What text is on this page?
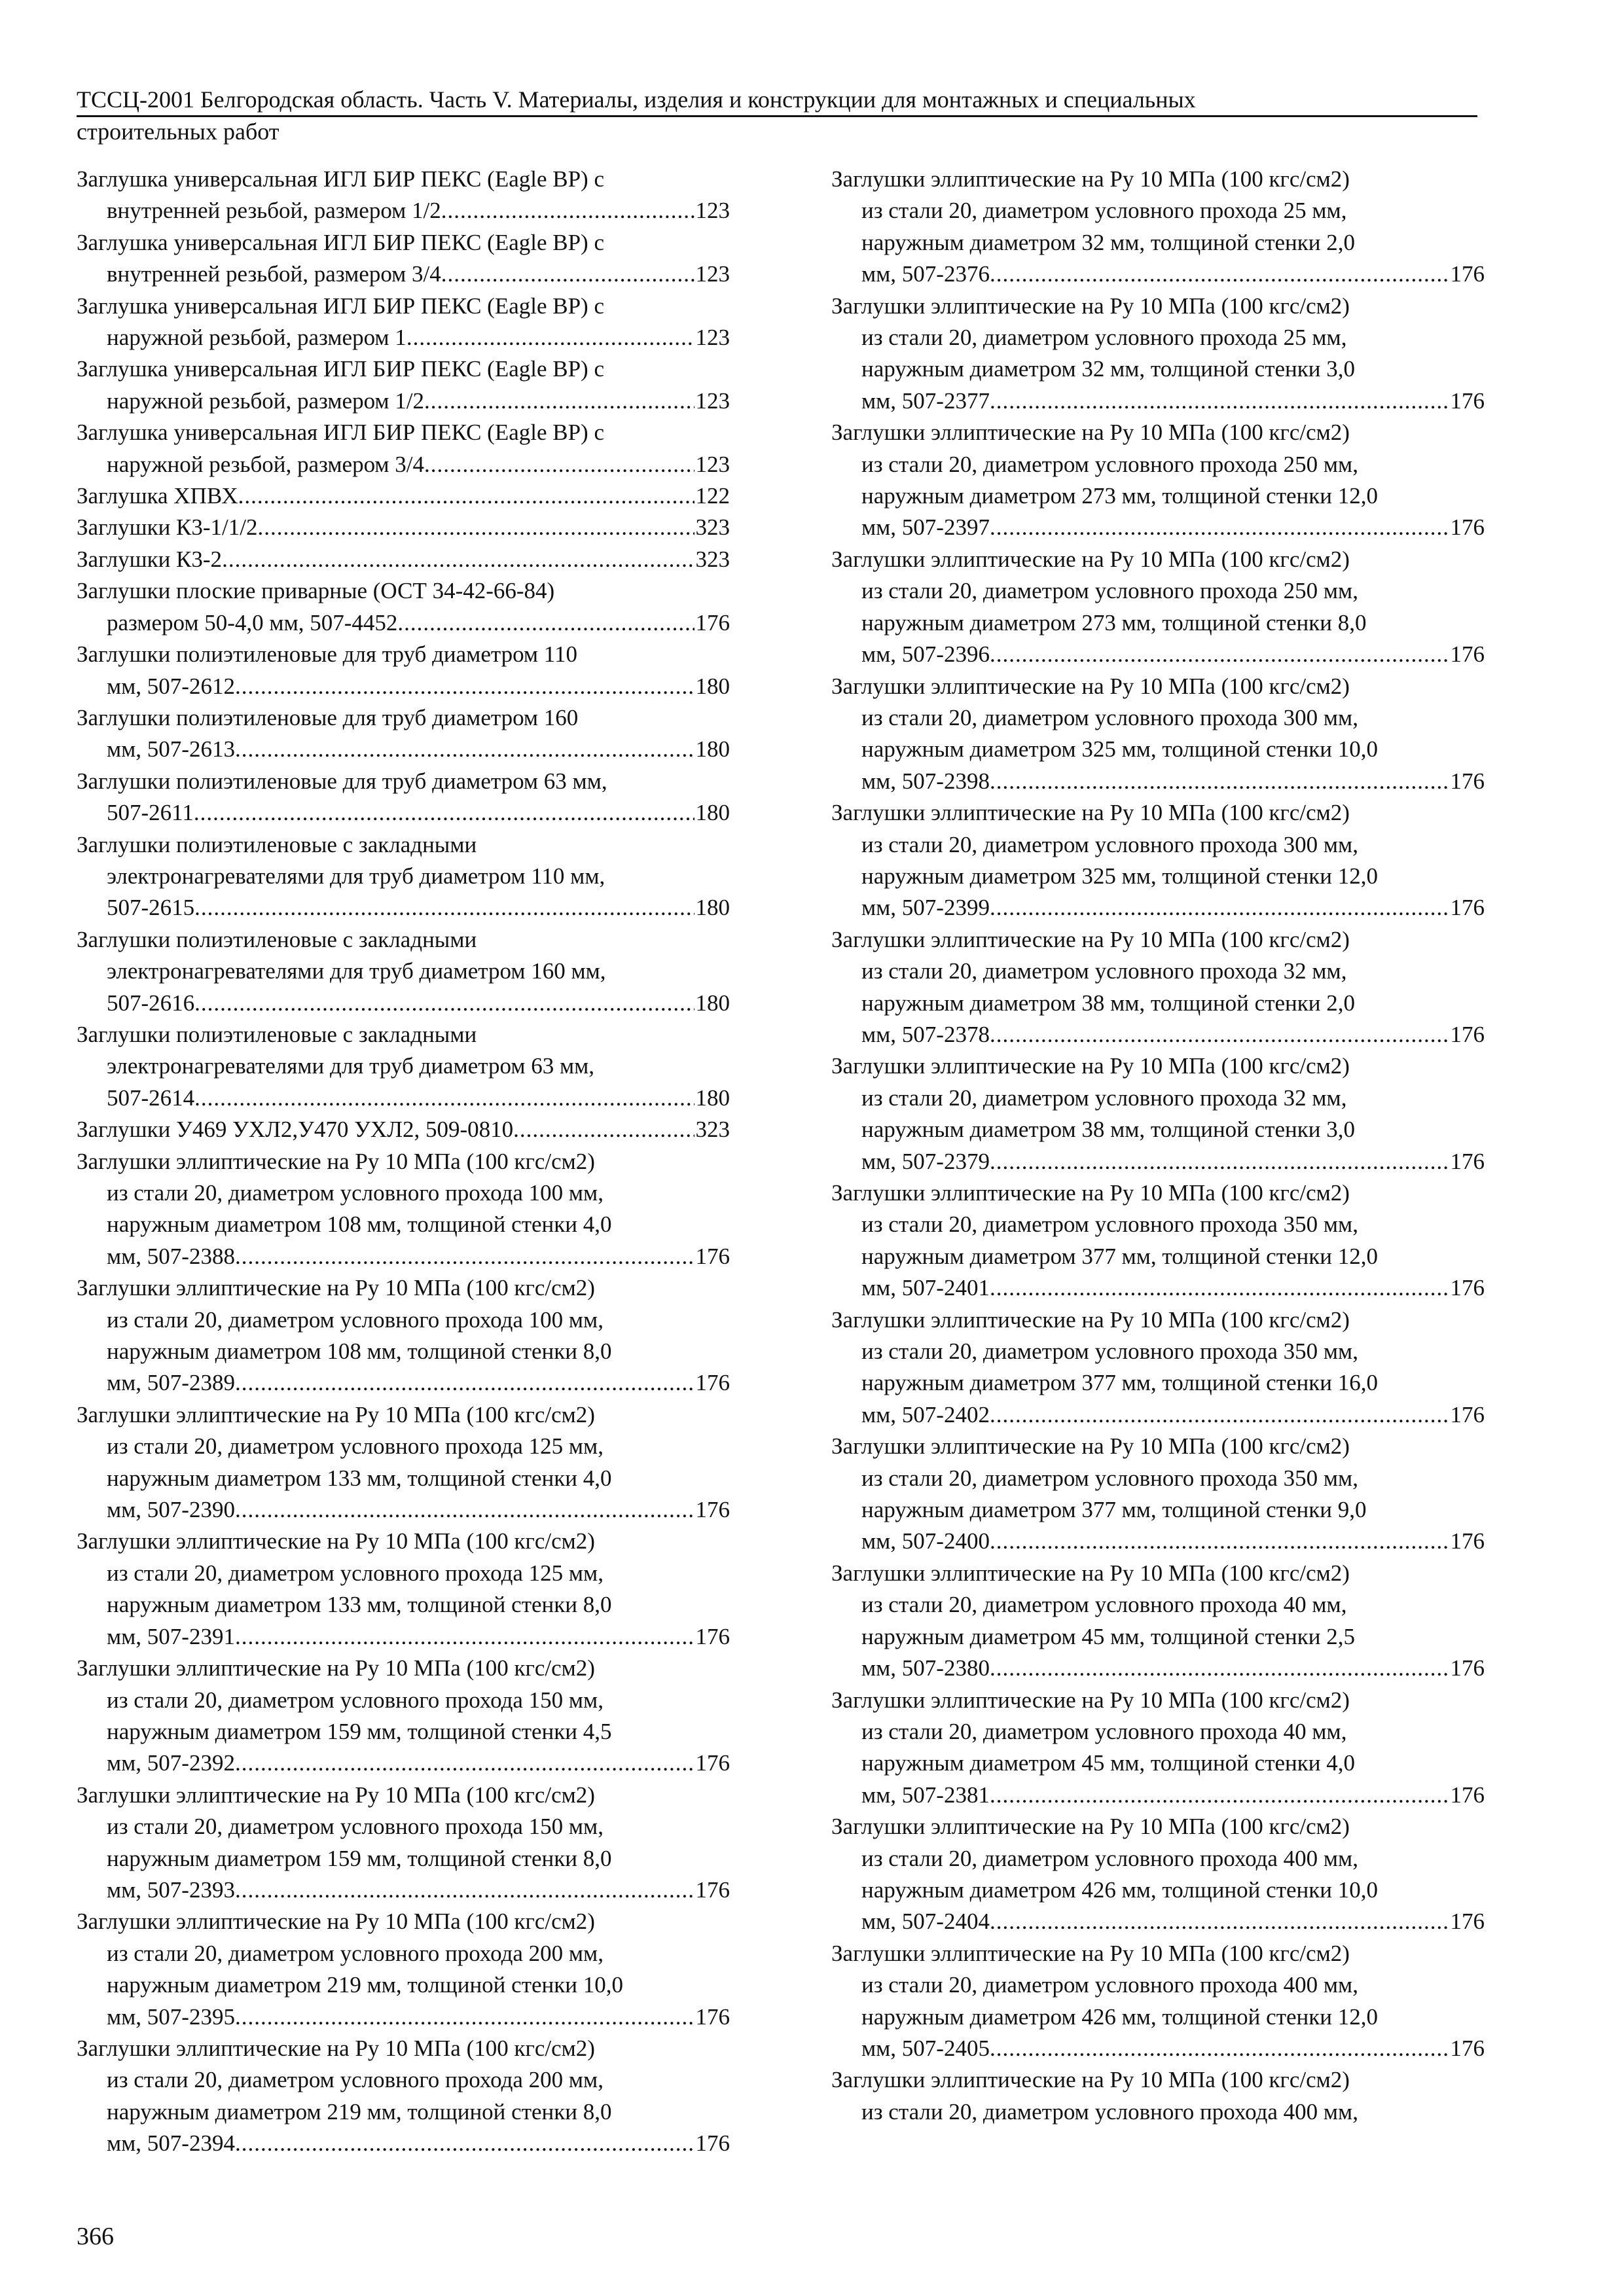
ТССЦ-2001 Белгородская область. Часть V. Материалы, изделия и конструкции для монтажных и специальных
строительных работ
Заглушка универсальная ИГЛ БИР ПЕКС (Eagle BP) с
внутренней резьбой, размером 1/2 .....	123
Заглушка универсальная ИГЛ БИР ПЕКС (Eagle BP) с
внутренней резьбой, размером 3/4 .....	123
Заглушка универсальная ИГЛ БИР ПЕКС (Eagle BP) с
наружной резьбой, размером 1 .....	123
Заглушка универсальная ИГЛ БИР ПЕКС (Eagle BP) с
наружной резьбой, размером 1/2 .....	123
Заглушка универсальная ИГЛ БИР ПЕКС (Eagle BP) с
наружной резьбой, размером 3/4 .....	123
Заглушка ХПВХ .....	122
Заглушки К3-1/1/2 .....	323
Заглушки К3-2 .....	323
Заглушки плоские приварные (ОСТ 34-42-66-84)
размером 50-4,0 мм, 507-4452 .....	176
Заглушки полиэтиленовые для труб диаметром 110
мм, 507-2612 .....	180
Заглушки полиэтиленовые для труб диаметром 160
мм, 507-2613 .....	180
Заглушки полиэтиленовые для труб диаметром 63 мм,
507-2611 .....	180
Заглушки полиэтиленовые с закладными
электронагревателями для труб диаметром 110 мм,
507-2615 .....	180
Заглушки полиэтиленовые с закладными
электронагревателями для труб диаметром 160 мм,
507-2616 .....	180
Заглушки полиэтиленовые с закладными
электронагревателями для труб диаметром 63 мм,
507-2614 .....	180
Заглушки У469 УХЛ2,У470 УХЛ2, 509-0810 .....	323
Заглушки эллиптические на Ру 10 МПа (100 кгс/см2)
из стали 20, диаметром условного прохода 100 мм,
наружным диаметром 108 мм, толщиной стенки 4,0
мм, 507-2388 .....	176
Заглушки эллиптические на Ру 10 МПа (100 кгс/см2)
из стали 20, диаметром условного прохода 100 мм,
наружным диаметром 108 мм, толщиной стенки 8,0
мм, 507-2389 .....	176
Заглушки эллиптические на Ру 10 МПа (100 кгс/см2)
из стали 20, диаметром условного прохода 125 мм,
наружным диаметром 133 мм, толщиной стенки 4,0
мм, 507-2390 .....	176
Заглушки эллиптические на Ру 10 МПа (100 кгс/см2)
из стали 20, диаметром условного прохода 125 мм,
наружным диаметром 133 мм, толщиной стенки 8,0
мм, 507-2391 .....	176
Заглушки эллиптические на Ру 10 МПа (100 кгс/см2)
из стали 20, диаметром условного прохода 150 мм,
наружным диаметром 159 мм, толщиной стенки 4,5
мм, 507-2392 .....	176
Заглушки эллиптические на Ру 10 МПа (100 кгс/см2)
из стали 20, диаметром условного прохода 150 мм,
наружным диаметром 159 мм, толщиной стенки 8,0
мм, 507-2393 .....	176
Заглушки эллиптические на Ру 10 МПа (100 кгс/см2)
из стали 20, диаметром условного прохода 200 мм,
наружным диаметром 219 мм, толщиной стенки 10,0
мм, 507-2395 .....	176
Заглушки эллиптические на Ру 10 МПа (100 кгс/см2)
из стали 20, диаметром условного прохода 200 мм,
наружным диаметром 219 мм, толщиной стенки 8,0
мм, 507-2394 .....	176
Заглушки эллиптические на Ру 10 МПа (100 кгс/см2)
из стали 20, диаметром условного прохода 25 мм,
наружным диаметром 32 мм, толщиной стенки 2,0
мм, 507-2376 .....	176
Заглушки эллиптические на Ру 10 МПа (100 кгс/см2)
из стали 20, диаметром условного прохода 25 мм,
наружным диаметром 32 мм, толщиной стенки 3,0
мм, 507-2377 .....	176
Заглушки эллиптические на Ру 10 МПа (100 кгс/см2)
из стали 20, диаметром условного прохода 250 мм,
наружным диаметром 273 мм, толщиной стенки 12,0
мм, 507-2397 .....	176
Заглушки эллиптические на Ру 10 МПа (100 кгс/см2)
из стали 20, диаметром условного прохода 250 мм,
наружным диаметром 273 мм, толщиной стенки 8,0
мм, 507-2396 .....	176
Заглушки эллиптические на Ру 10 МПа (100 кгс/см2)
из стали 20, диаметром условного прохода 300 мм,
наружным диаметром 325 мм, толщиной стенки 10,0
мм, 507-2398 .....	176
Заглушки эллиптические на Ру 10 МПа (100 кгс/см2)
из стали 20, диаметром условного прохода 300 мм,
наружным диаметром 325 мм, толщиной стенки 12,0
мм, 507-2399 .....	176
Заглушки эллиптические на Ру 10 МПа (100 кгс/см2)
из стали 20, диаметром условного прохода 32 мм,
наружным диаметром 38 мм, толщиной стенки 2,0
мм, 507-2378 .....	176
Заглушки эллиптические на Ру 10 МПа (100 кгс/см2)
из стали 20, диаметром условного прохода 32 мм,
наружным диаметром 38 мм, толщиной стенки 3,0
мм, 507-2379 .....	176
Заглушки эллиптические на Ру 10 МПа (100 кгс/см2)
из стали 20, диаметром условного прохода 350 мм,
наружным диаметром 377 мм, толщиной стенки 12,0
мм, 507-2401 .....	176
Заглушки эллиптические на Ру 10 МПа (100 кгс/см2)
из стали 20, диаметром условного прохода 350 мм,
наружным диаметром 377 мм, толщиной стенки 16,0
мм, 507-2402 .....	176
Заглушки эллиптические на Ру 10 МПа (100 кгс/см2)
из стали 20, диаметром условного прохода 350 мм,
наружным диаметром 377 мм, толщиной стенки 9,0
мм, 507-2400 .....	176
Заглушки эллиптические на Ру 10 МПа (100 кгс/см2)
из стали 20, диаметром условного прохода 40 мм,
наружным диаметром 45 мм, толщиной стенки 2,5
мм, 507-2380 .....	176
Заглушки эллиптические на Ру 10 МПа (100 кгс/см2)
из стали 20, диаметром условного прохода 40 мм,
наружным диаметром 45 мм, толщиной стенки 4,0
мм, 507-2381 .....	176
Заглушки эллиптические на Ру 10 МПа (100 кгс/см2)
из стали 20, диаметром условного прохода 400 мм,
наружным диаметром 426 мм, толщиной стенки 10,0
мм, 507-2404 .....	176
Заглушки эллиптические на Ру 10 МПа (100 кгс/см2)
из стали 20, диаметром условного прохода 400 мм,
наружным диаметром 426 мм, толщиной стенки 12,0
мм, 507-2405 .....	176
Заглушки эллиптические на Ру 10 МПа (100 кгс/см2)
из стали 20, диаметром условного прохода 400 мм,
366
